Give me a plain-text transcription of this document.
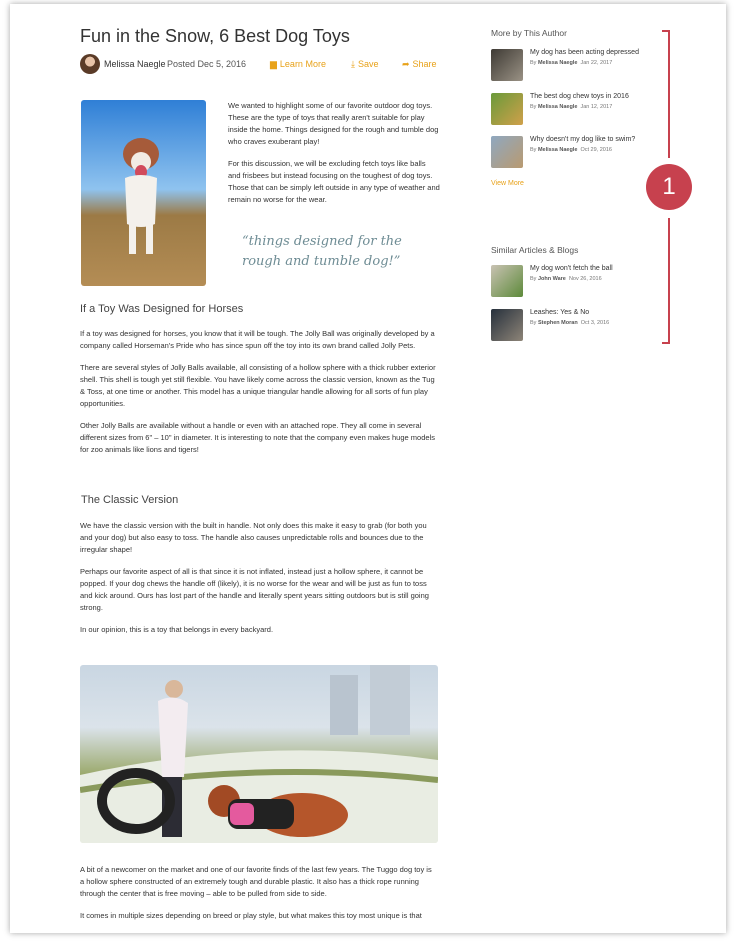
Fun in the Snow, 6 Best Dog Toys
Melissa Naegle Posted Dec 5, 2016	▆ Learn More	⤓ Save	➦ Share

We wanted to highlight some of our favorite outdoor dog toys. These are the type of toys that really aren't suitable for play inside the home. Things designed for the rough and tumble dog who craves exuberant play!

For this discussion, we will be excluding fetch toys like balls and frisbees but instead focusing on the toughest of dog toys. Those that can be simply left outside in any type of weather and remain no worse for the wear.

“things designed for the rough and tumble dog!”
If a Toy Was Designed for Horses

If a toy was designed for horses, you know that it will be tough. The Jolly Ball was originally developed by a company called Horseman's Pride who has since spun off the toy into its own brand called Jolly Pets.

There are several styles of Jolly Balls available, all consisting of a hollow sphere with a thick rubber exterior shell. This shell is tough yet still flexible. You have likely come across the classic version, known as the Tug & Toss, at one time or another. This model has a unique triangular handle allowing for all sorts of fun play opportunities.

Other Jolly Balls are available without a handle or even with an attached rope. They all come in several different sizes from 6" – 10" in diameter. It is interesting to note that the company even makes huge models for zoo animals like lions and tigers!

The Classic Version

We have the classic version with the built in handle. Not only does this make it easy to grab (for both you and your dog) but also easy to toss. The handle also causes unpredictable rolls and bounces due to the irregular shape!

Perhaps our favorite aspect of all is that since it is not inflated, instead just a hollow sphere, it cannot be popped. If your dog chews the handle off (likely), it is no worse for the wear and will be just as fun to toss and kick around. Ours has lost part of the handle and literally spent years sitting outdoors but is still going strong.

In our opinion, this is a toy that belongs in every backyard.

A bit of a newcomer on the market and one of our favorite finds of the last few years. The Tuggo dog toy is a hollow sphere constructed of an extremely tough and durable plastic. It also has a thick rope running through the center that is free moving – able to be pulled from side to side.

It comes in multiple sizes depending on breed or play style, but what makes this toy most unique is that

More by This Author
My dog has been acting depressed
By Melissa Naegle Jan 22, 2017
The best dog chew toys in 2016
By Melissa Naegle Jan 12, 2017
Why doesn't my dog like to swim?
By Melissa Naegle Oct 29, 2016
View More
Similar Articles & Blogs
My dog won't fetch the ball
By John Ware Nov 26, 2016
Leashes: Yes & No
By Stephen Moran Oct 3, 2016
1
